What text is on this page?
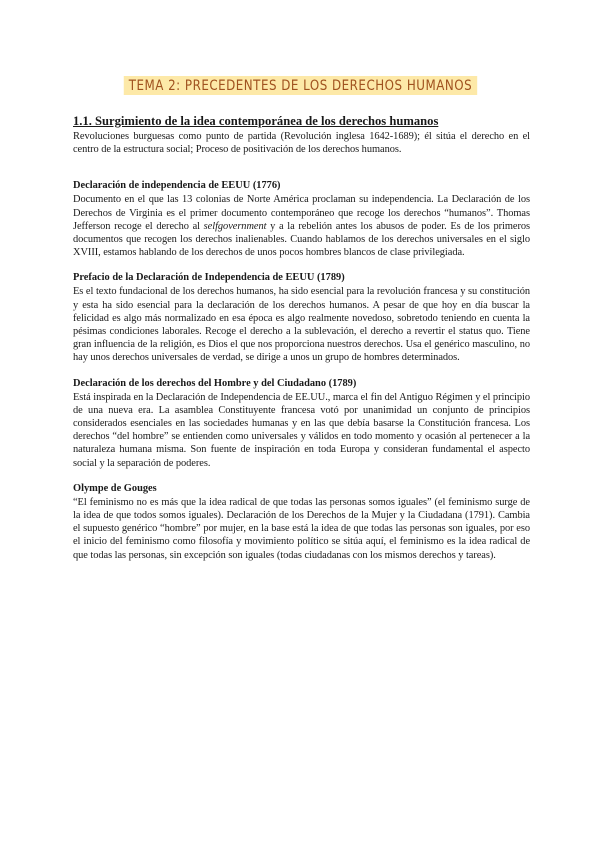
TEMA 2: PRECEDENTES DE LOS DERECHOS HUMANOS
1.1. Surgimiento de la idea contemporánea de los derechos humanos

Revoluciones burguesas como punto de partida (Revolución inglesa 1642-1689); él sitúa el derecho en el centro de la estructura social; Proceso de positivación de los derechos humanos.

Declaración de independencia de EEUU (1776)

Documento en el que las 13 colonias de Norte América proclaman su independencia. La Declaración de los Derechos de Virginia es el primer documento contemporáneo que recoge los derechos “humanos”. Thomas Jefferson recoge el derecho al selfgovernment y a la rebelión antes los abusos de poder. Es de los primeros documentos que recogen los derechos inalienables. Cuando hablamos de los derechos universales en el siglo XVIII, estamos hablando de los derechos de unos pocos hombres blancos de clase privilegiada.

Prefacio de la Declaración de Independencia de EEUU (1789)

Es el texto fundacional de los derechos humanos, ha sido esencial para la revolución francesa y su constitución y esta ha sido esencial para la declaración de los derechos humanos. A pesar de que hoy en día buscar la felicidad es algo más normalizado en esa época es algo realmente novedoso, sobretodo teniendo en cuenta la pésimas condiciones laborales. Recoge el derecho a la sublevación, el derecho a revertir el status quo. Tiene gran influencia de la religión, es Dios el que nos proporciona nuestros derechos. Usa el genérico masculino, no hay unos derechos universales de verdad, se dirige a unos un grupo de hombres determinados.

Declaración de los derechos del Hombre y del Ciudadano (1789)

Está inspirada en la Declaración de Independencia de EE.UU., marca el fin del Antiguo Régimen y el principio de una nueva era. La asamblea Constituyente francesa votó por unanimidad un conjunto de principios considerados esenciales en las sociedades humanas y en las que debía basarse la Constitución francesa. Los derechos “del hombre” se entienden como universales y válidos en todo momento y ocasión al pertenecer a la naturaleza humana misma. Son fuente de inspiración en toda Europa y consideran fundamental el aspecto social y la separación de poderes.

Olympe de Gouges

“El feminismo no es más que la idea radical de que todas las personas somos iguales” (el feminismo surge de la idea de que todos somos iguales). Declaración de los Derechos de la Mujer y la Ciudadana (1791). Cambia el supuesto genérico “hombre” por mujer, en la base está la idea de que todas las personas son iguales, por eso el inicio del feminismo como filosofía y movimiento político se sitúa aquí, el feminismo es la idea radical de que todas las personas, sin excepción son iguales (todas ciudadanas con los mismos derechos y tareas).
